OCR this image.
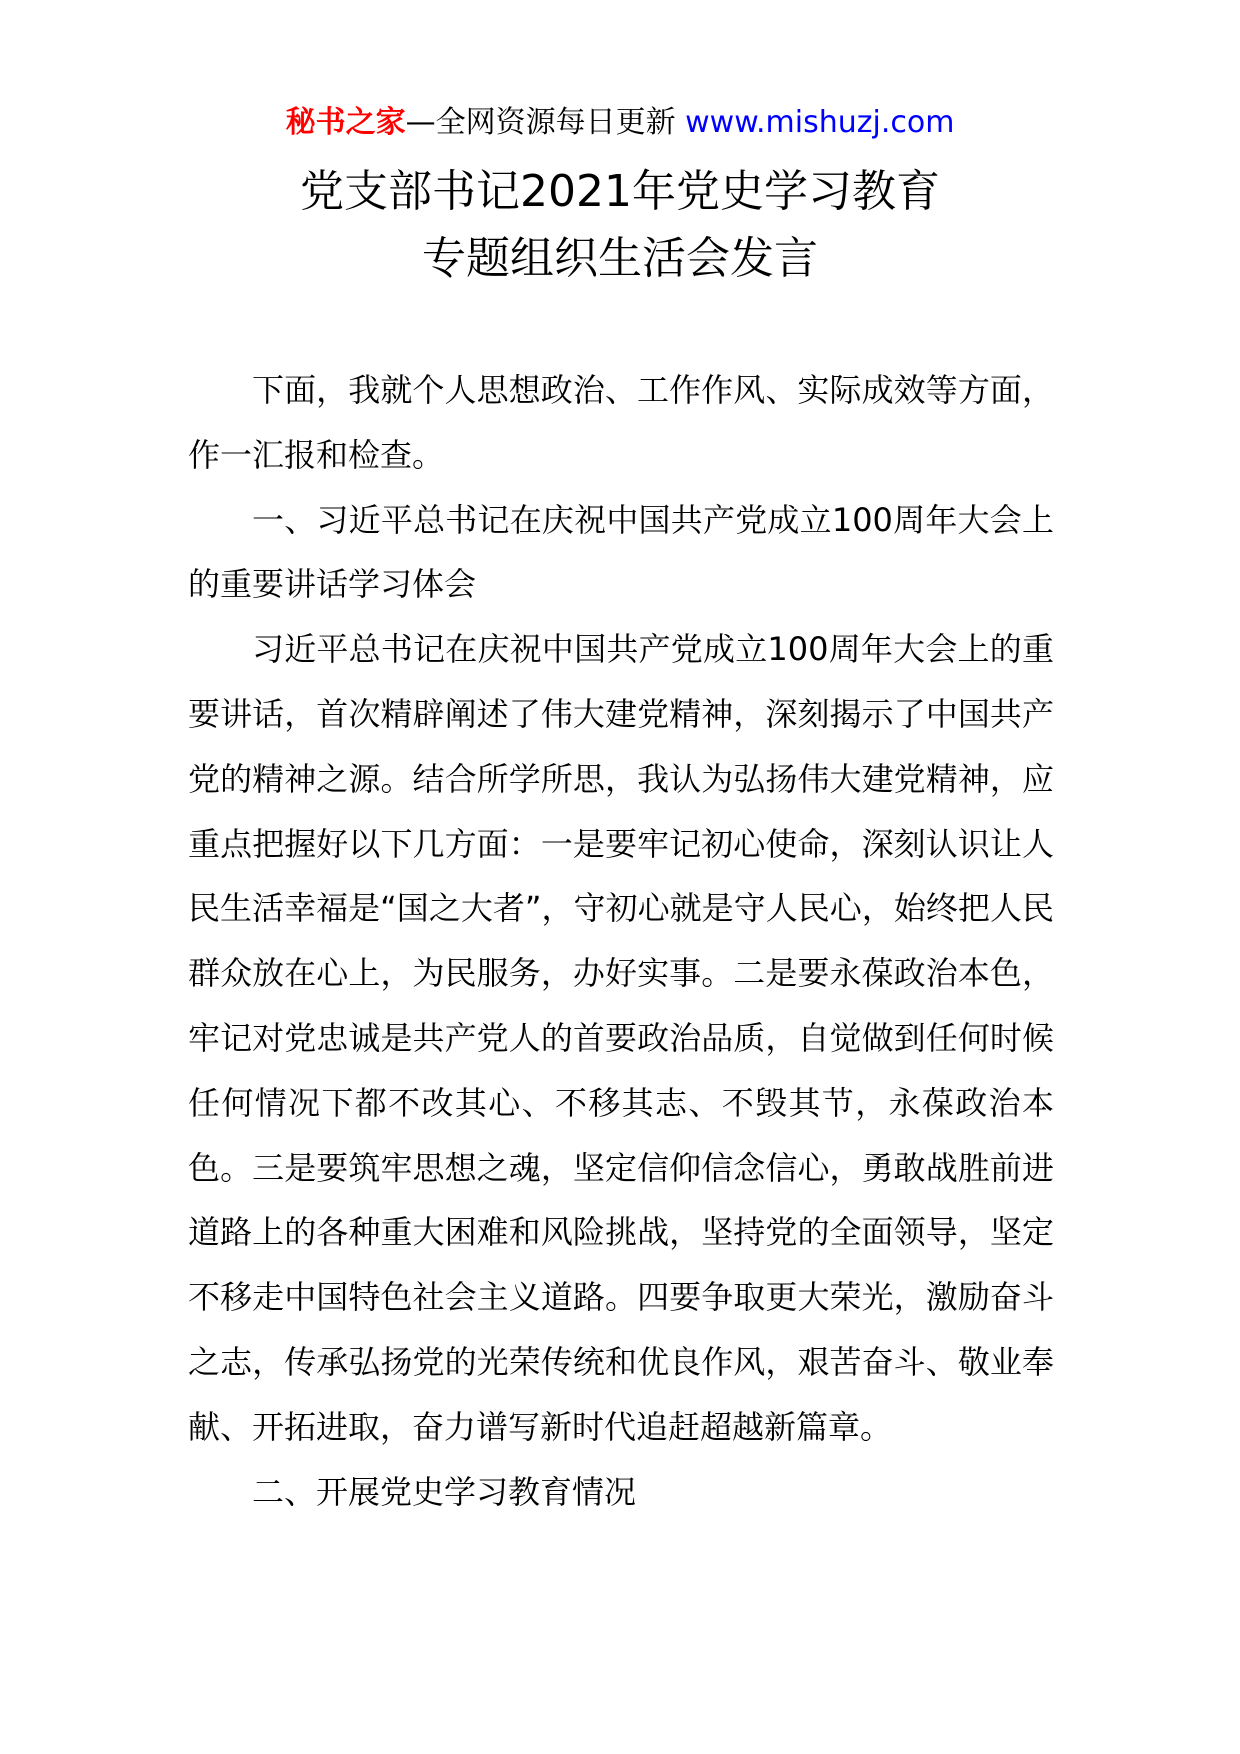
秘书之家—全网资源每日更新 www.mishuzj.com
党支部书记2021年党史学习教育
专题组织生活会发言

下面，我就个人思想政治、工作作风、实际成效等方面，作一汇报和检查。

一、习近平总书记在庆祝中国共产党成立100周年大会上的重要讲话学习体会

习近平总书记在庆祝中国共产党成立100周年大会上的重要讲话，首次精辟阐述了伟大建党精神，深刻揭示了中国共产党的精神之源。结合所学所思，我认为弘扬伟大建党精神，应重点把握好以下几方面：一是要牢记初心使命，深刻认识让人民生活幸福是“国之大者”，守初心就是守人民心，始终把人民群众放在心上，为民服务，办好实事。二是要永葆政治本色，牢记对党忠诚是共产党人的首要政治品质，自觉做到任何时候任何情况下都不改其心、不移其志、不毁其节，永葆政治本色。三是要筑牢思想之魂，坚定信仰信念信心，勇敢战胜前进道路上的各种重大困难和风险挑战，坚持党的全面领导，坚定不移走中国特色社会主义道路。四要争取更大荣光，激励奋斗之志，传承弘扬党的光荣传统和优良作风，艰苦奋斗、敬业奉献、开拓进取，奋力谱写新时代追赶超越新篇章。

二、开展党史学习教育情况
